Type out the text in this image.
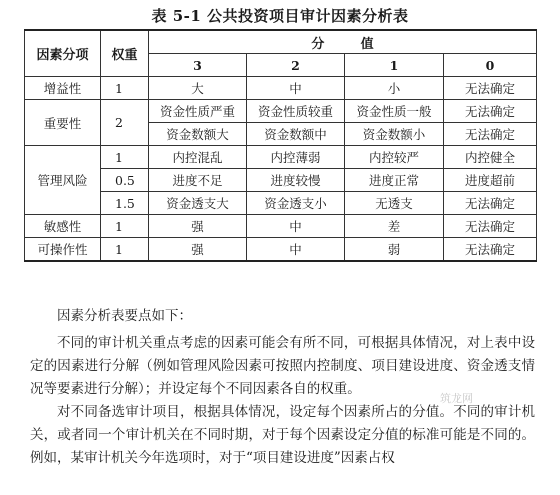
表 5-1 公共投资项目审计因素分析表
因素分项	权重	分        值			
		3	2	1	0
增益性	1	大	中	小	无法确定
重要性	2	资金性质严重	资金性质较重	资金性质一般	无法确定
		资金数额大	资金数额中	资金数额小	无法确定
管理风险	1	内控混乱	内控薄弱	内控较严	内控健全
	0.5	进度不足	进度较慢	进度正常	进度超前
	1.5	资金透支大	资金透支小	无透支	无法确定
敏感性	1	强	中	差	无法确定
可操作性	1	强	中	弱	无法确定

因素分析表要点如下：

不同的审计机关重点考虑的因素可能会有所不同，可根据具体情况，对上表中设定的因素进行分解（例如管理风险因素可按照内控制度、项目建设进度、资金透支情况等要素进行分解）；并设定每个不同因素各自的权重。

对不同备选审计项目，根据具体情况，设定每个因素所占的分值。不同的审计机关，或者同一个审计机关在不同时期，对于每个因素设定分值的标准可能是不同的。例如，某审计机关今年选项时，对于“项目建设进度”因素占权

筑龙网
